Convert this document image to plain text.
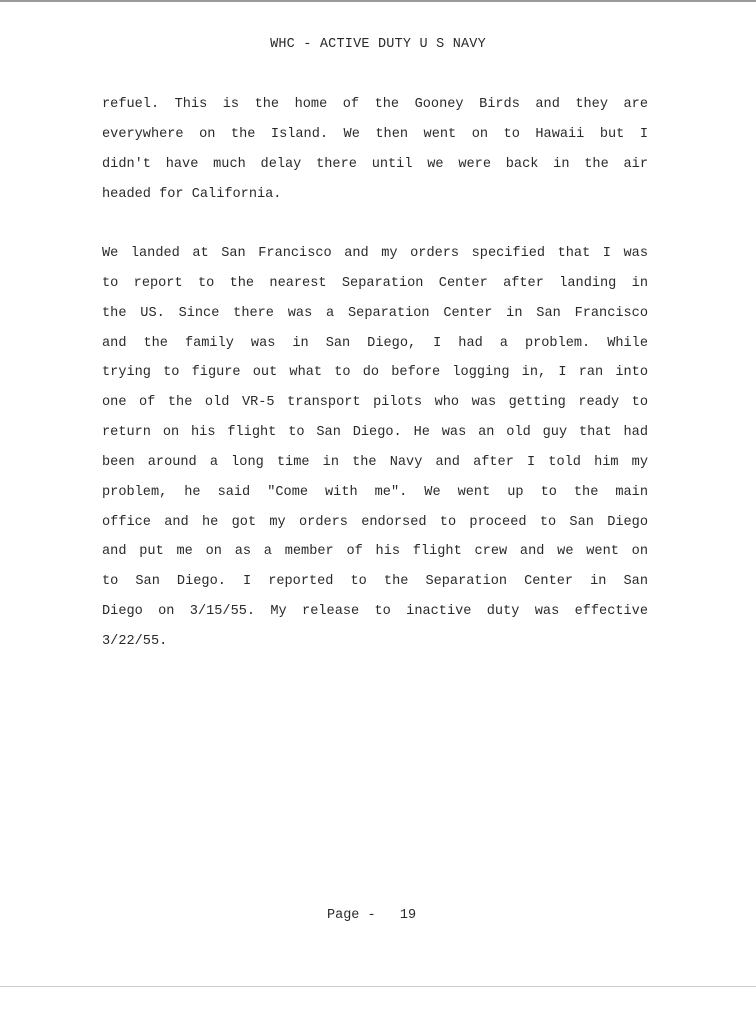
WHC - ACTIVE DUTY U S NAVY
refuel. This is the home of the Gooney Birds and they are
everywhere on the Island. We then went on to Hawaii but I
didn't have much delay there until we were back in the air
headed for California.
We landed at San Francisco and my orders specified that I was
to report to the nearest Separation Center after landing in
the US. Since there was a Separation Center in San Francisco
and the family was in San Diego, I had a problem. While
trying to figure out what to do before logging in, I ran into
one of the old VR-5 transport pilots who was getting ready to
return on his flight to San Diego. He was an old guy that had
been around a long time in the Navy and after I told him my
problem, he said "Come with me". We went up to the main
office and he got my orders endorsed to proceed to San Diego
and put me on as a member of his flight crew and we went on
to San Diego. I reported to the Separation Center in San
Diego on 3/15/55. My release to inactive duty was effective
3/22/55.
Page - 19
